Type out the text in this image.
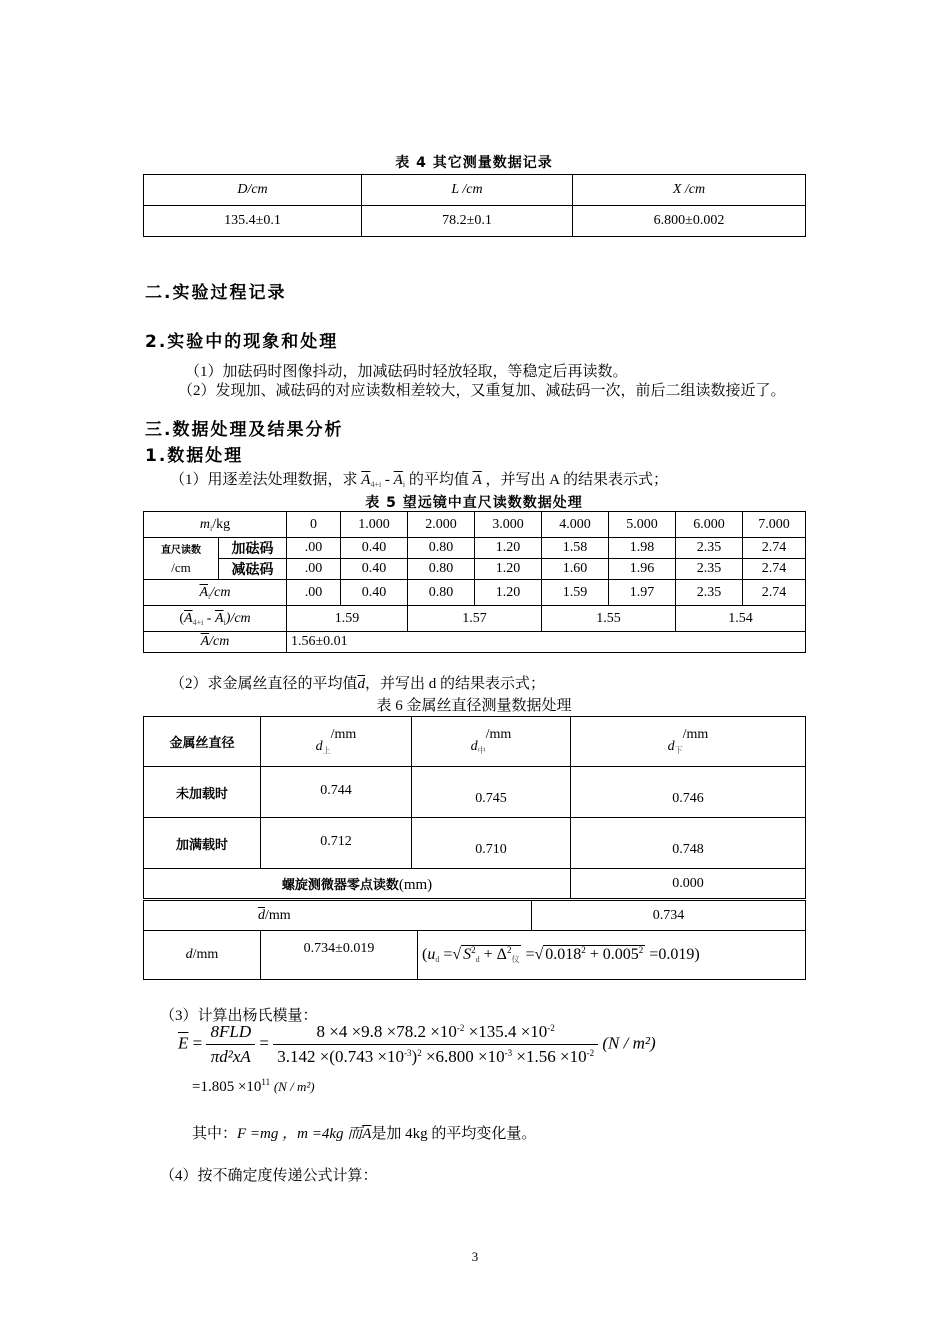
表 4 其它测量数据记录
D/cm	L /cm	X /cm
135.4±0.1	78.2±0.1	6.800±0.002
二.实验过程记录
2.实验中的现象和处理
（1）加砝码时图像抖动，加减砝码时轻放轻取，等稳定后再读数。
（2）发现加、减砝码的对应读数相差较大，又重复加、减砝码一次，前后二组读数接近了。
三.数据处理及结果分析
1.数据处理
（1）用逐差法处理数据，求 $\overline{A}_{4+i} - \overline{A}_i$ 的平均值 $\overline{A}$ ，并写出 A 的结果表示式；
表 5 望远镜中直尺读数数据处理
$m_i/kg$		0	1.000	2.000	3.000	4.000	5.000	6.000	7.000
直尺读数
/cm	加砝码	.00	0.40	0.80	1.20	1.58	1.98	2.35	2.74
	减砝码	.00	0.40	0.80	1.20	1.60	1.96	2.35	2.74
$\overline{A}_i/cm$		.00	0.40	0.80	1.20	1.59	1.97	2.35	2.74
$(\overline{A}_{4+i} - \overline{A}_i)/cm$		1.59		1.57		1.55		1.54	
$\overline{A}/cm$		1.56±0.01							
（2）求金属丝直径的平均值$\overline{d}$，并写出 d 的结果表示式；
表 6 金属丝直径测量数据处理
金属丝直径	$d_上/mm$	$d_中/mm$	$d_下/mm$
未加载时	0.744	0.745	0.746
加满载时	0.712	0.710	0.748
螺旋测微器零点读数(mm)			0.000
$\overline{d}/mm$	0.734
d/mm	0.734±0.019	($u_d$ =√ $S^2_d + \Delta^2_仪$ =√ $0.018^2 + 0.005^2 =0.019$)
（3）计算出杨氏模量：
$\overline{E} = \frac{\text{8FLD}}{\text{πd²xA}} = \frac{8 \times 4 \times 9.8 \times 78.2 \times 10^{-2} \times 135.4 \times 10^{-2}}{3.142 \times(0.743 \times 10^{-3})^2 \times 6.800 \times 10^{-3} \times 1.56 \times 10^{-2}} (N / m^2)$
$=1.805 \times 10^{11}$ (N / m²)
其中：F =mg ，m =4kg 而$\overline{A}$是加 4kg 的平均变化量。
（4）按不确定度传递公式计算：
3
